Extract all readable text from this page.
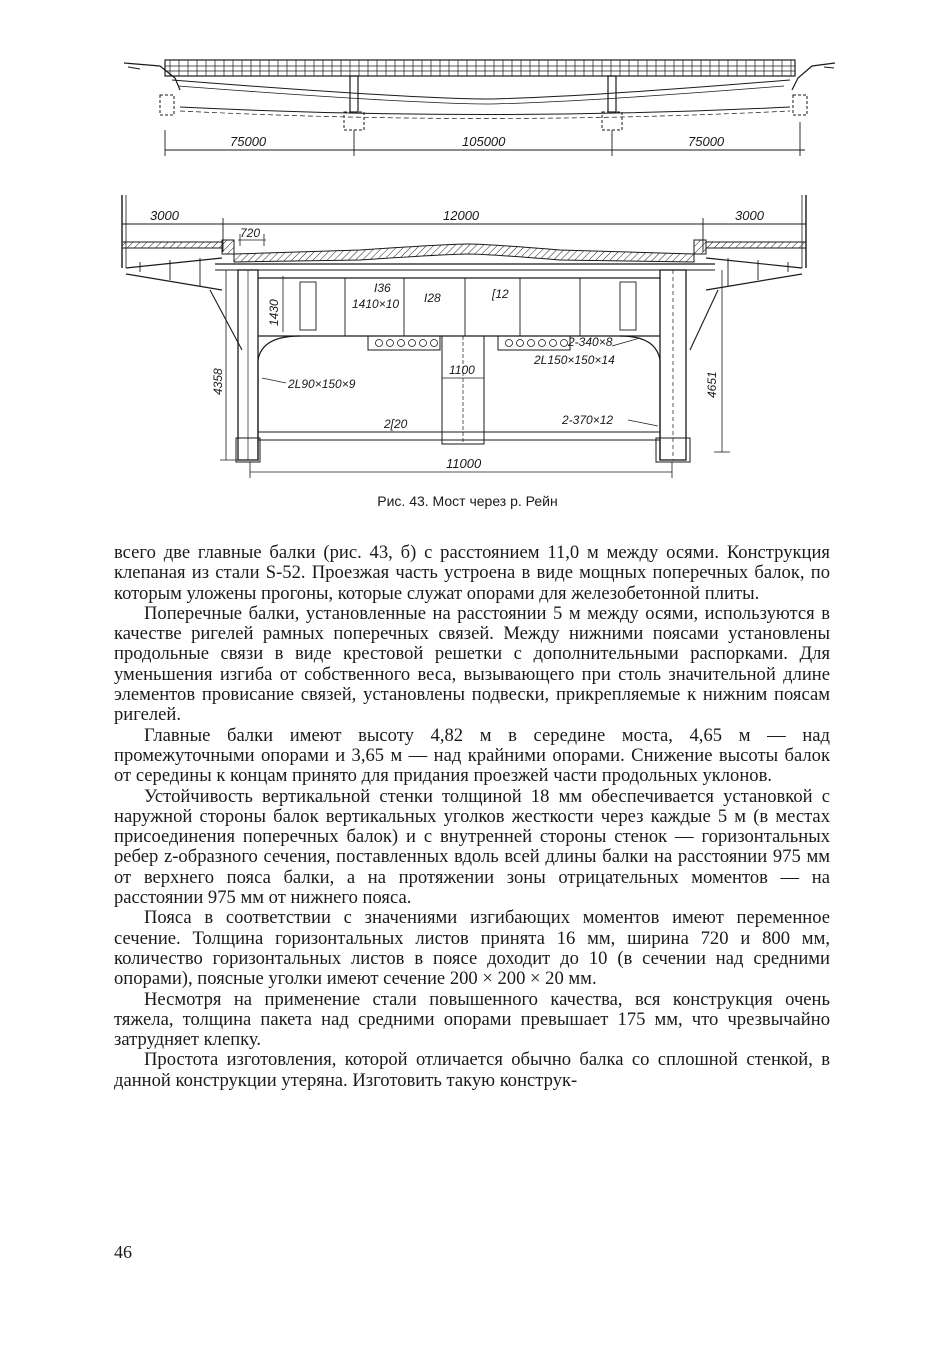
75000	105000	75000
3000	12000	3000
720
I36
1410×10 I28	[12
1430
4358	2L90×150×9
1100
2[20
2-340×8
2L150×150×14
2-370×12
4651
11000
Рис. 43. Мост через р. Рейн

всего две главные балки (рис. 43, б) с расстоянием 11,0 м между осями. Конструкция клепаная из стали S-52. Проезжая часть устроена в виде мощных поперечных балок, по которым уложены прогоны, которые служат опорами для железобетонной плиты.

Поперечные балки, установленные на расстоянии 5 м между осями, используются в качестве ригелей рамных поперечных связей. Между нижними поясами установлены продольные связи в виде крестовой решетки с дополнительными распорками. Для уменьшения изгиба от собственного веса, вызывающего при столь значительной длине элементов провисание связей, установлены подвески, прикрепляемые к нижним поясам ригелей.

Главные балки имеют высоту 4,82 м в середине моста, 4,65 м — над промежуточными опорами и 3,65 м — над крайними опорами. Снижение высоты балок от середины к концам принято для придания проезжей части продольных уклонов.

Устойчивость вертикальной стенки толщиной 18 мм обеспечивается установкой с наружной стороны балок вертикальных уголков жесткости через каждые 5 м (в местах присоединения поперечных балок) и с внутренней стороны стенок — горизонтальных ребер z-образного сечения, поставленных вдоль всей длины балки на расстоянии 975 мм от верхнего пояса балки, а на протяжении зоны отрицательных моментов — на расстоянии 975 мм от нижнего пояса.

Пояса в соответствии с значениями изгибающих моментов имеют переменное сечение. Толщина горизонтальных листов принята 16 мм, ширина 720 и 800 мм, количество горизонтальных листов в поясе доходит до 10 (в сечении над средними опорами), поясные уголки имеют сечение 200 × 200 × 20 мм.

Несмотря на применение стали повышенного качества, вся конструкция очень тяжела, толщина пакета над средними опорами превышает 175 мм, что чрезвычайно затрудняет клепку.

Простота изготовления, которой отличается обычно балка со сплошной стенкой, в данной конструкции утеряна. Изготовить такую конструк-

46
